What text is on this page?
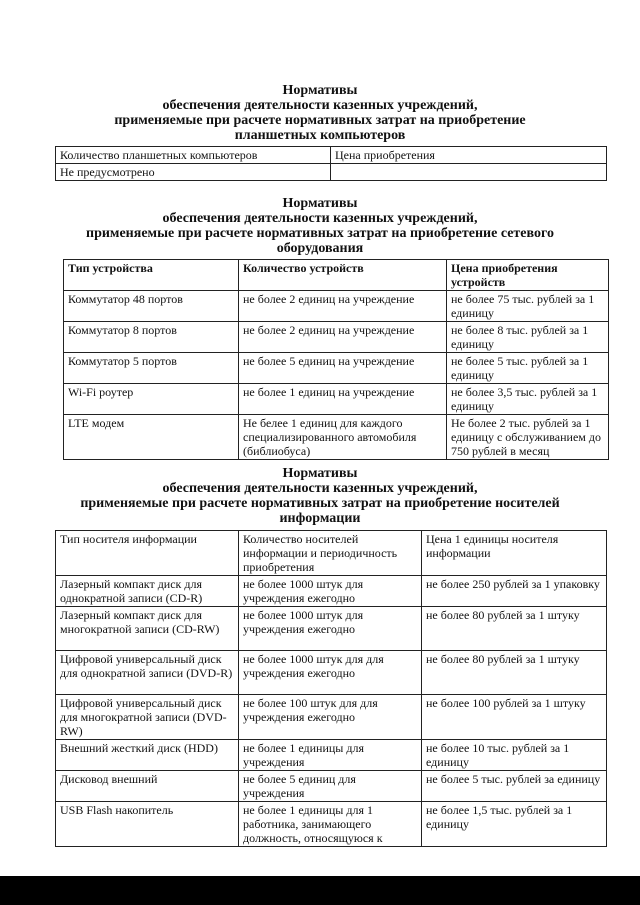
Нормативы
обеспечения деятельности казенных учреждений,
применяемые при расчете нормативных затрат на приобретение
планшетных компьютеров
Количество планшетных компьютеров	Цена приобретения
Не предусмотрено	
Нормативы
обеспечения деятельности казенных учреждений,
применяемые при расчете нормативных затрат на приобретение сетевого
оборудования
Тип устройства	Количество устройств	Цена приобретения устройств
Коммутатор 48 портов	не более 2 единиц на учреждение	не более 75 тыс. рублей за 1 единицу
Коммутатор 8 портов	не более 2 единиц на учреждение	не более 8 тыс. рублей за 1 единицу
Коммутатор 5 портов	не более 5 единиц на учреждение	не более 5 тыс. рублей за 1 единицу
Wi-Fi роутер	не более 1 единиц на учреждение	не более 3,5 тыс. рублей за 1 единицу
LTE модем	Не белее 1 единиц для каждого специализированного автомобиля (библиобуса)	Не более 2 тыс. рублей за 1 единицу с обслуживанием до 750 рублей в месяц
Нормативы
обеспечения деятельности казенных учреждений,
применяемые при расчете нормативных затрат на приобретение носителей
информации
Тип носителя информации	Количество носителей информации и периодичность приобретения	Цена 1 единицы носителя информации
Лазерный компакт диск для однократной записи (CD-R)	не более 1000 штук для учреждения ежегодно	не более 250 рублей за 1 упаковку
Лазерный компакт диск для многократной записи (CD-RW)	не более 1000 штук для учреждения ежегодно	не более 80 рублей за 1 штуку
Цифровой универсальный диск для однократной записи (DVD-R)	не более 1000 штук для для учреждения ежегодно	не более 80 рублей за 1 штуку
Цифровой универсальный диск для многократной записи (DVD- RW)	не более 100 штук для для учреждения ежегодно	не более 100 рублей за 1 штуку
Внешний жесткий диск (HDD)	не более 1 единицы для учреждения	не более 10 тыс. рублей за 1 единицу
Дисковод внешний	не более 5 единиц для учреждения	не более 5 тыс. рублей за единицу
USB Flash накопитель	не более 1 единицы для 1 работника, занимающего должность, относящуюся к	не более 1,5 тыс. рублей за 1 единицу
